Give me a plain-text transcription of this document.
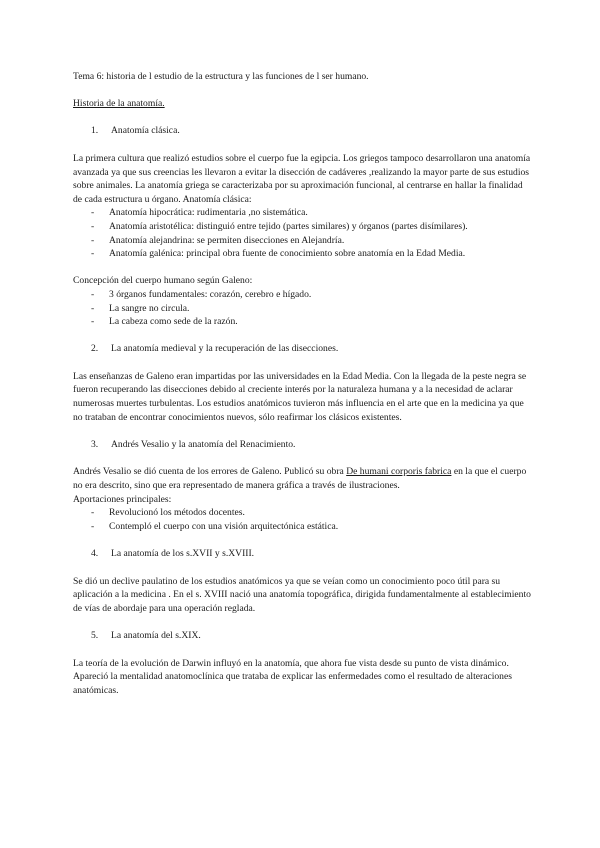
Tema 6: historia de l estudio de la estructura y las funciones de l ser humano.

Historia de la anatomía.

1. Anatomía clásica.

La primera cultura que realizó estudios sobre el cuerpo fue la egipcia. Los griegos tampoco desarrollaron una anatomía avanzada ya que sus creencias les llevaron a evitar la disección de cadáveres ,realizando la mayor parte de sus estudios sobre animales. La anatomía griega se caracterizaba por su aproximación funcional, al centrarse en hallar la finalidad de cada estructura u órgano. Anatomía clásica:

- Anatomía hipocrática: rudimentaria ,no sistemática.
- Anatomía aristotélica: distinguió entre tejido (partes similares) y órganos (partes disímilares).
- Anatomía alejandrina: se permiten disecciones en Alejandría.
- Anatomía galénica: principal obra fuente de conocimiento sobre anatomía en la Edad Media.

Concepción del cuerpo humano según Galeno:

- 3 órganos fundamentales: corazón, cerebro e hígado.
- La sangre no circula.
- La cabeza como sede de la razón.

2. La anatomía medieval y la recuperación de las disecciones.

Las enseñanzas de Galeno eran impartidas por las universidades en la Edad Media. Con la llegada de la peste negra se fueron recuperando las disecciones debido al creciente interés por la naturaleza humana y a la necesidad de aclarar numerosas muertes turbulentas. Los estudios anatómicos tuvieron más influencia en el arte que en la medicina ya que no trataban de encontrar conocimientos nuevos, sólo reafirmar los clásicos existentes.

3. Andrés Vesalio y la anatomía del Renacimiento.

Andrés Vesalio se dió cuenta de los errores de Galeno. Publicó su obra De humani corporis fabrica en la que el cuerpo no era descrito, sino que era representado de manera gráfica a través de ilustraciones.

Aportaciones principales:

- Revolucionó los métodos docentes.
- Contempló el cuerpo con una visión arquitectónica estática.

4. La anatomía de los s.XVII y s.XVIII.

Se dió un declive paulatino de los estudios anatómicos ya que se veían como un conocimiento poco útil para su aplicación a la medicina . En el s. XVIII nació una anatomía topográfica, dirigida fundamentalmente al establecimiento de vías de abordaje para una operación reglada.

5. La anatomía del s.XIX.

La teoría de la evolución de Darwin influyó en la anatomía, que ahora fue vista desde su punto de vista dinámico. Apareció la mentalidad anatomoclínica que trataba de explicar las enfermedades como el resultado de alteraciones anatómicas.
